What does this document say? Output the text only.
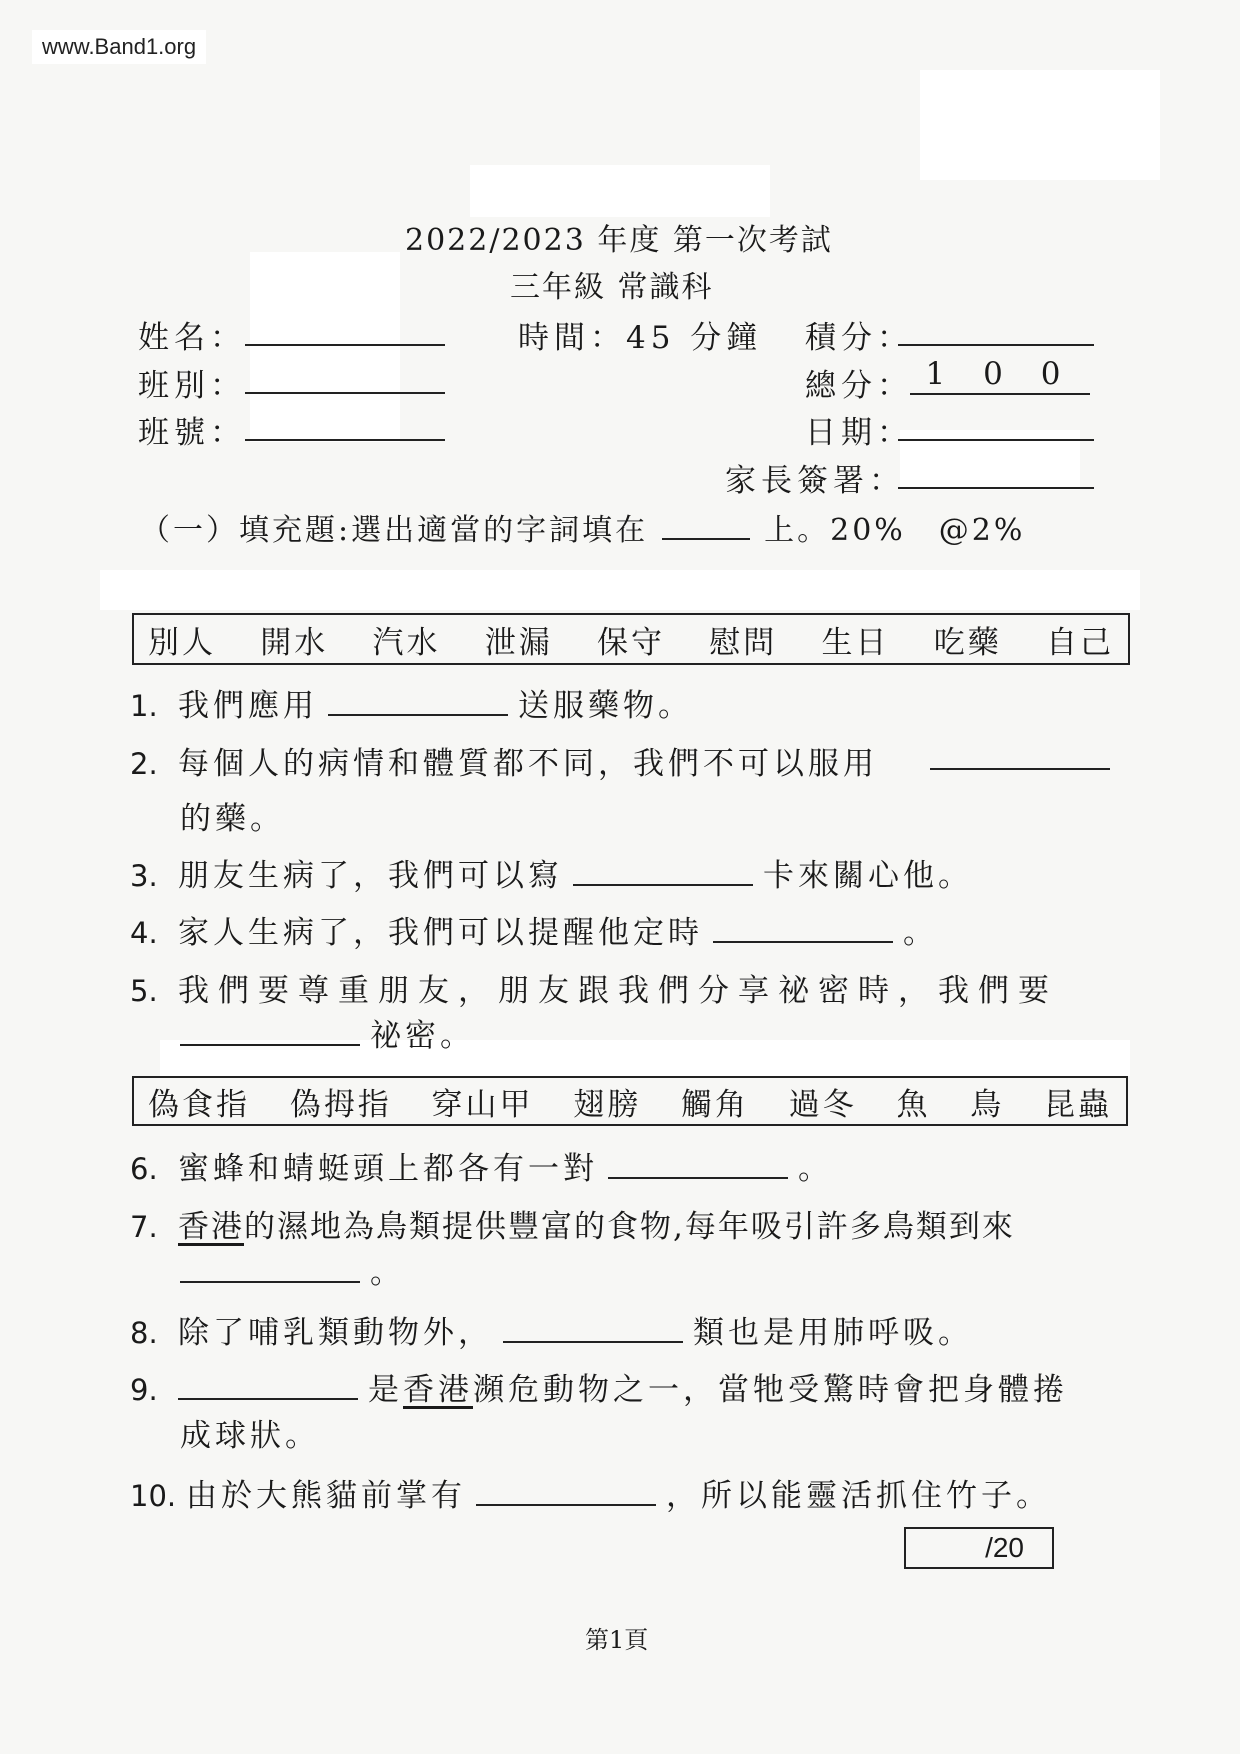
www.Band1.org
2022/2023 年度 第一次考試
三年級 常識科
姓名：
班別：
班號：
時間：45 分鐘 積分：
總分： 1 0 0
日期：
家長簽署：
（一）填充題:選出適當的字詞填在	上。20%　@2%
別人 開水 汽水 泄漏 保守 慰問 生日 吃藥 自己
1. 我們應用	送服藥物。
2. 每個人的病情和體質都不同，我們不可以服用
的藥。
3. 朋友生病了，我們可以寫	卡來關心他。
4. 家人生病了，我們可以提醒他定時	。
5. 我們要尊重朋友，朋友跟我們分享祕密時，我們要
祕密。
偽食指 偽拇指 穿山甲 翅膀 觸角 過冬 魚 鳥 昆蟲
6. 蜜蜂和蜻蜓頭上都各有一對	。
7. 香港的濕地為鳥類提供豐富的食物,每年吸引許多鳥類到來
。
8. 除了哺乳類動物外，	類也是用肺呼吸。
9.	是香港瀕危動物之一，當牠受驚時會把身體捲
成球狀。
10. 由於大熊貓前掌有	，所以能靈活抓住竹子。
/20
第1頁
